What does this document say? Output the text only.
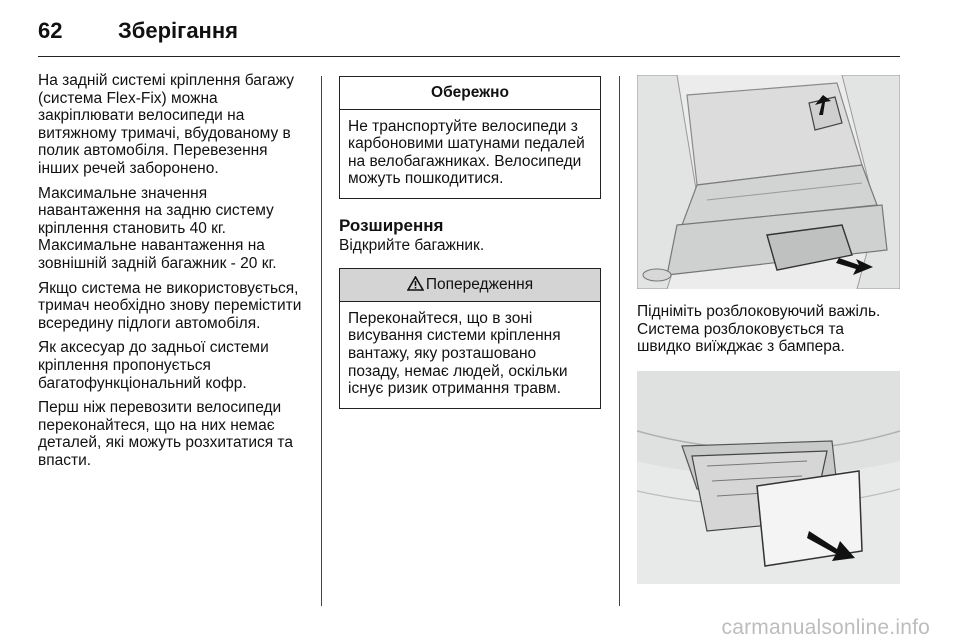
62	Зберігання

На задній системі кріплення багажу (система Flex-Fix) можна закріплювати велосипеди на витяжному тримачі, вбудованому в полик автомобіля. Перевезення інших речей заборонено.

Максимальне значення навантаження на задню систему кріплення становить 40 кг. Максимальне навантаження на зовнішній задній багажник - 20 кг.

Якщо система не використовується, тримач необхідно знову перемістити всередину підлоги автомобіля.

Як аксесуар до задньої системи кріплення пропонується багатофункціональний кофр.

Перш ніж перевозити велосипеди переконайтеся, що на них немає деталей, які можуть розхитатися та впасти.

Обережно
Не транспортуйте велосипеди з карбоновими шатунами педалей на велобагажниках. Велосипеди можуть пошкодитися.
Розширення
Відкрийте багажник.
Попередження
Переконайтеся, що в зоні висування системи кріплення вантажу, яку розташовано позаду, немає людей, оскільки існує ризик отримання травм.
Підніміть розблоковуючий важіль. Система розблоковується та швидко виїжджає з бампера.
carmanualsonline.info
